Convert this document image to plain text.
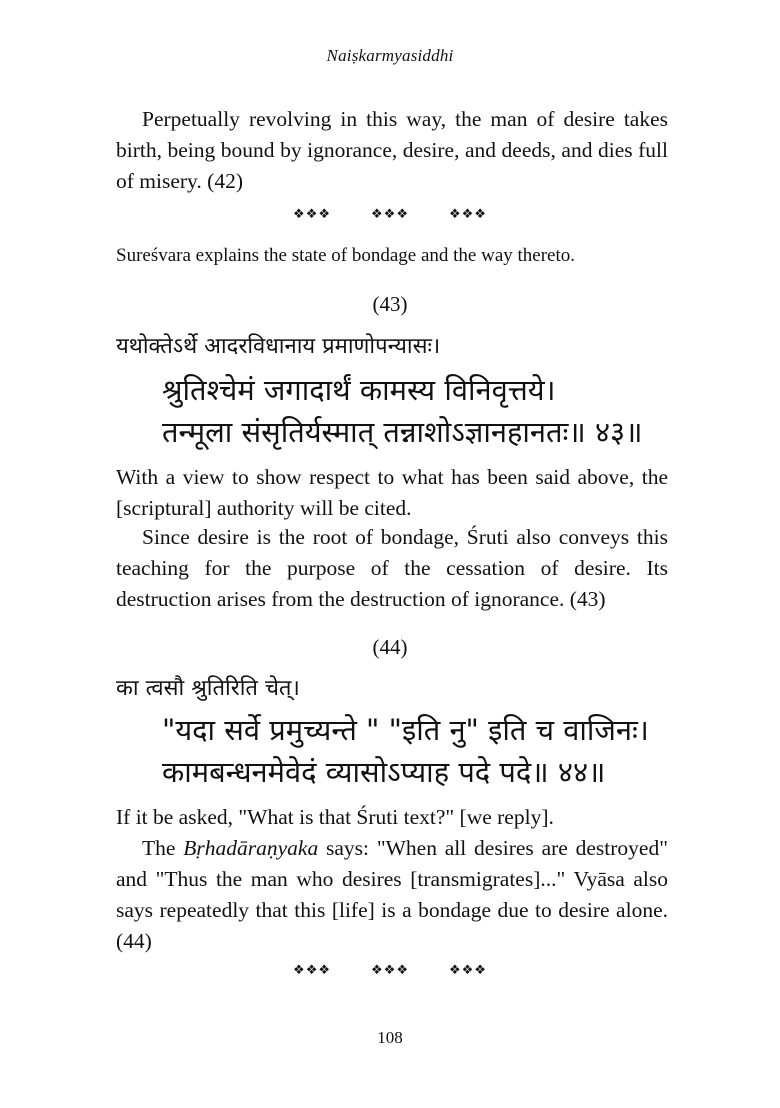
Naiṣkarmyasiddhi

Perpetually revolving in this way, the man of desire takes birth, being bound by ignorance, desire, and deeds, and dies full of misery. (42)

❖❖❖	❖❖❖	❖❖❖

Sureśvara explains the state of bondage and the way thereto.

(43)
यथोक्तेऽर्थे आदरविधानाय प्रमाणोपन्यासः।
श्रुतिश्चेमं जगादार्थं कामस्य विनिवृत्तये।
तन्मूला संसृतिर्यस्मात् तन्नाशोऽज्ञानहानतः॥ ४३॥

With a view to show respect to what has been said above, the [scriptural] authority will be cited.

Since desire is the root of bondage, Śruti also conveys this teaching for the purpose of the cessation of desire. Its destruction arises from the destruction of ignorance. (43)

(44)
का त्वसौ श्रुतिरिति चेत्।
"यदा सर्वे प्रमुच्यन्ते " "इति नु" इति च वाजिनः।
कामबन्धनमेवेदं व्यासोऽप्याह पदे पदे॥ ४४॥

If it be asked, "What is that Śruti text?" [we reply].

The Bṛhadāraṇyaka says: "When all desires are destroyed" and "Thus the man who desires [transmigrates]..." Vyāsa also says repeatedly that this [life] is a bondage due to desire alone. (44)

❖❖❖	❖❖❖	❖❖❖
108
